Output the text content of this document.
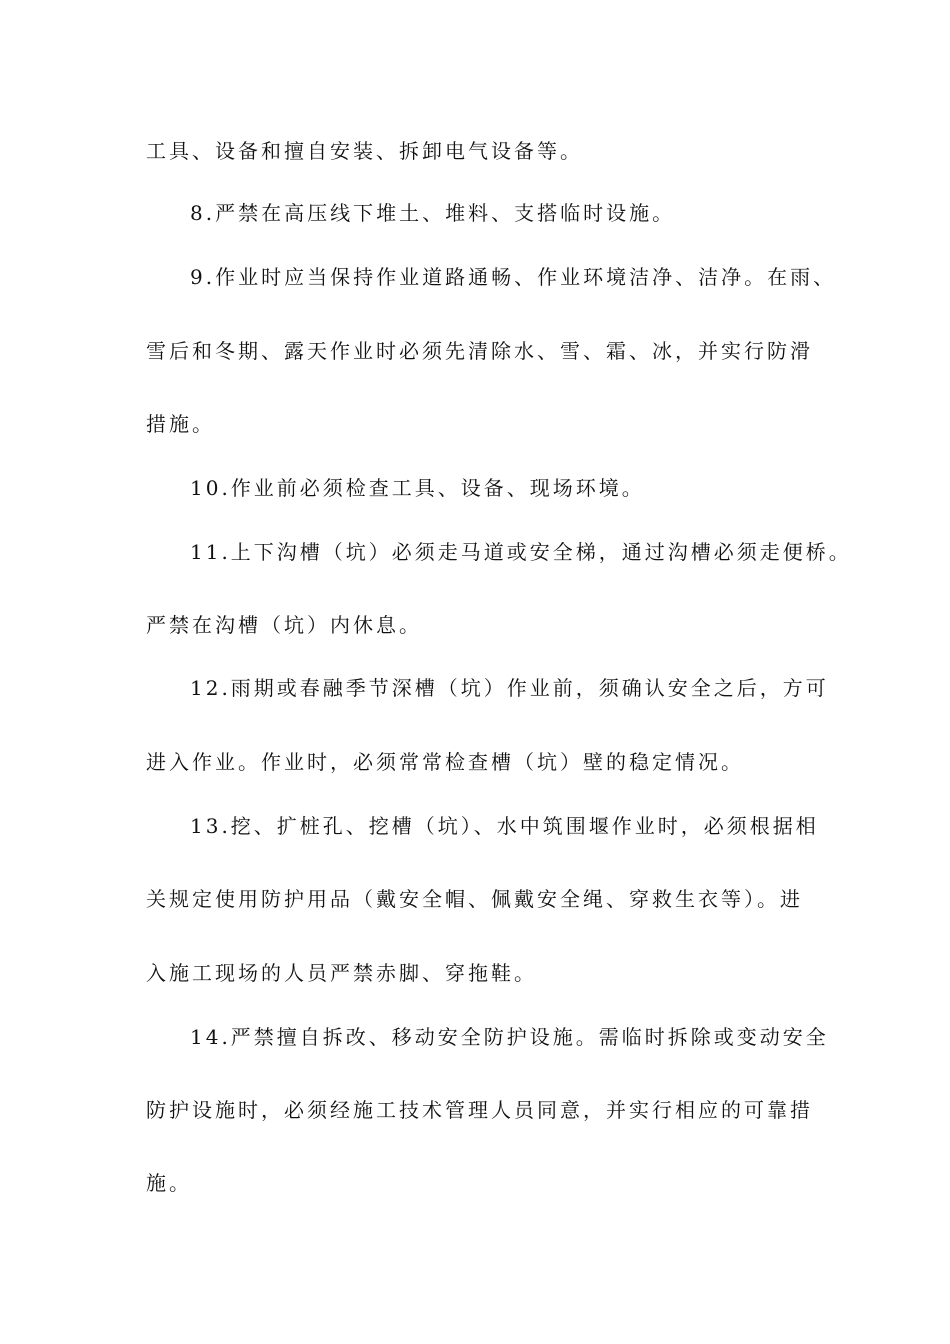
工具、设备和擅自安装、拆卸电气设备等。
8.严禁在高压线下堆土、堆料、支搭临时设施。
9.作业时应当保持作业道路通畅、作业环境洁净、洁净。在雨、
雪后和冬期、露天作业时必须先清除水、雪、霜、冰，并实行防滑
措施。
10.作业前必须检查工具、设备、现场环境。
11.上下沟槽（坑）必须走马道或安全梯，通过沟槽必须走便桥。
严禁在沟槽（坑）内休息。
12.雨期或春融季节深槽（坑）作业前，须确认安全之后，方可
进入作业。作业时，必须常常检查槽（坑）壁的稳定情况。
13.挖、扩桩孔、挖槽（坑）、水中筑围堰作业时，必须根据相
关规定使用防护用品（戴安全帽、佩戴安全绳、穿救生衣等）。进
入施工现场的人员严禁赤脚、穿拖鞋。
14.严禁擅自拆改、移动安全防护设施。需临时拆除或变动安全
防护设施时，必须经施工技术管理人员同意，并实行相应的可靠措
施。
